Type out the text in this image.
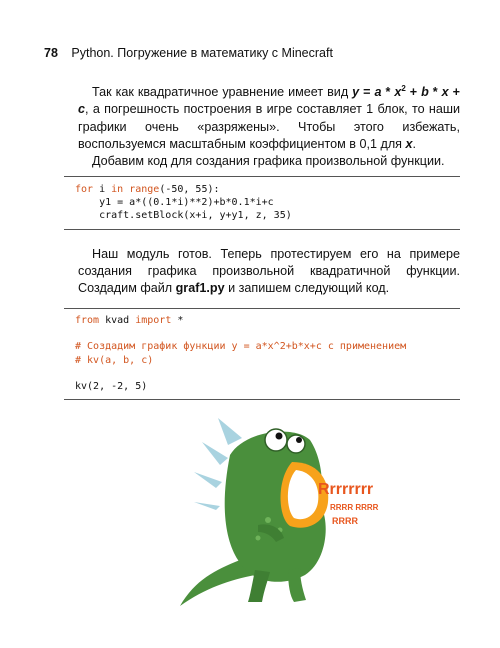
78 Python. Погружение в математику с Minecraft

Так как квадратичное уравнение имеет вид $y = a * x^2 + b * x + c$, а погрешность построения в игре составляет 1 блок, то наши графики очень «разряжены». Чтобы этого избежать, воспользуемся масштабным коэффициентом в 0,1 для x.

Добавим код для создания графика произвольной функции.

for i in range(-50, 55):
y1 = a*((0.1*i)**2)+b*0.1*i+c
craft.setBlock(x+i, y+y1, z, 35)

Наш модуль готов. Теперь протестируем его на примере создания графика произвольной квадратичной функции. Создадим файл graf1.py и запишем следующий код.

from kvad import *

# Создадим график функции y = a*x^2+b*x+c с применением
# kv(a, b, c)

kv(2, -2, 5)
Rrrrrrrr
RRRR RRRR
RRRR
